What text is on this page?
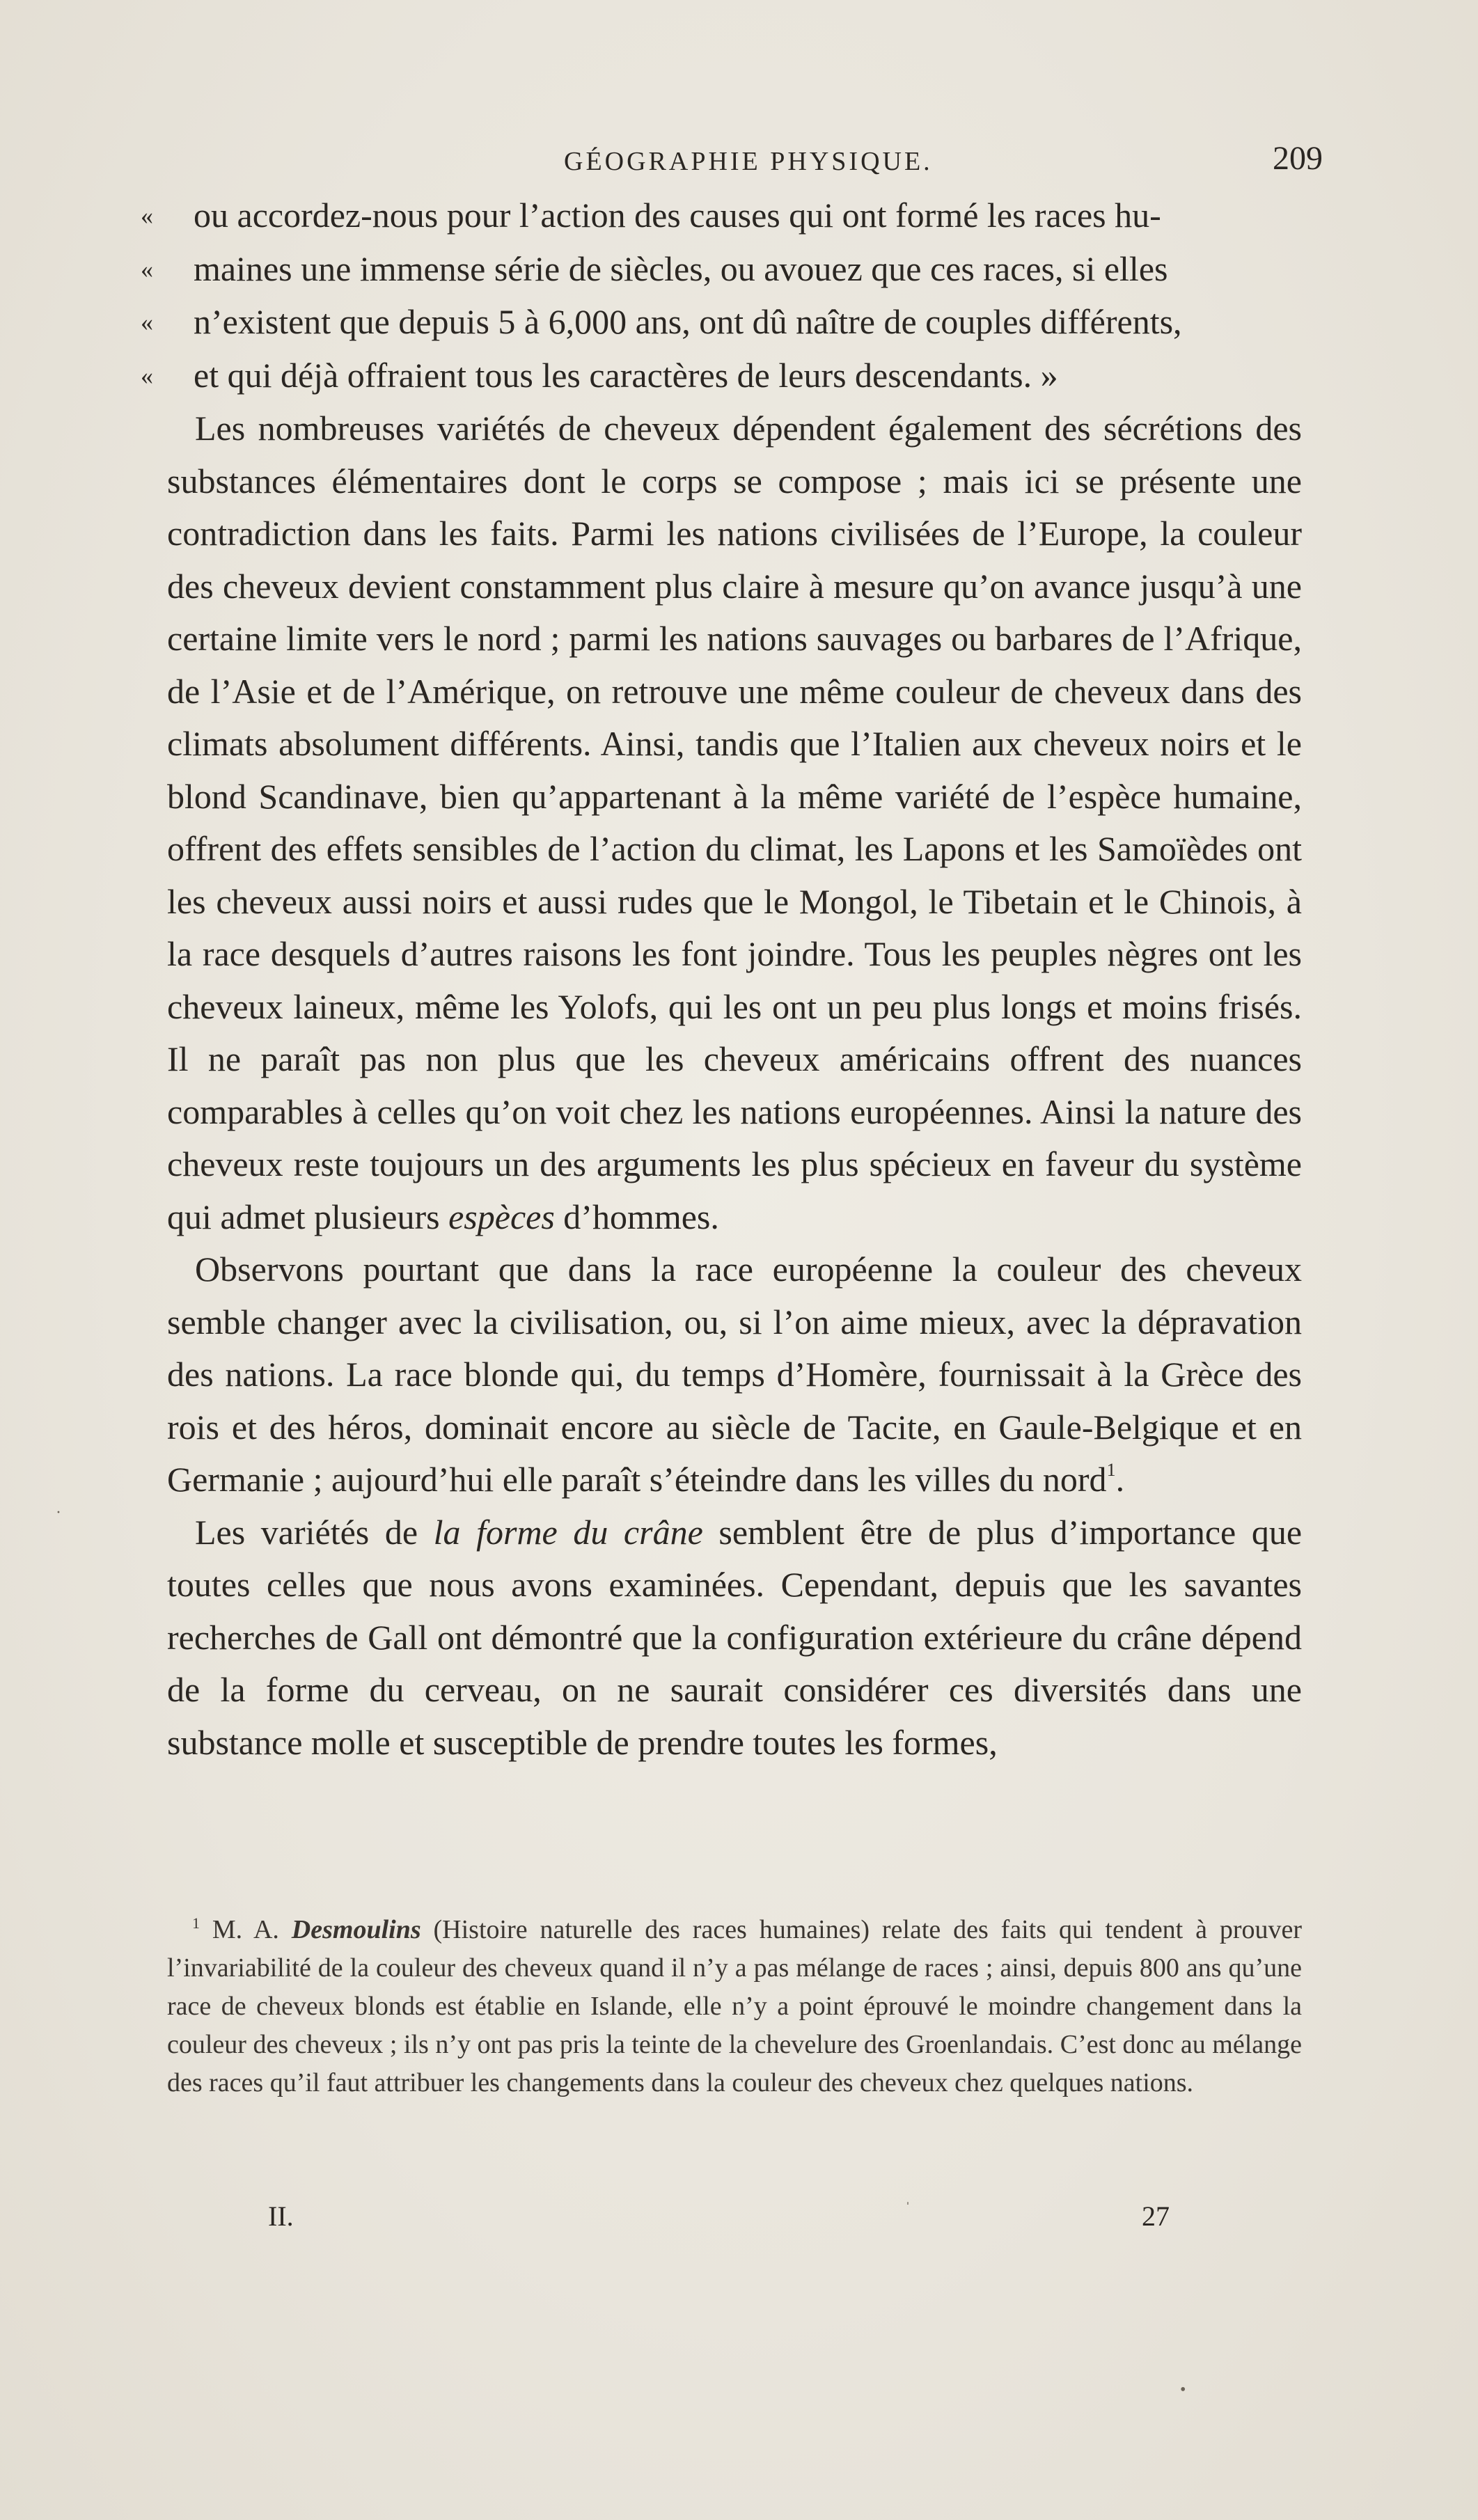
GÉOGRAPHIE PHYSIQUE.	209

« ou accordez-nous pour l’action des causes qui ont formé les races hu-

« maines une immense série de siècles, ou avouez que ces races, si elles

« n’existent que depuis 5 à 6,000 ans, ont dû naître de couples différents,

« et qui déjà offraient tous les caractères de leurs descendants. »

Les nombreuses variétés de cheveux dépendent également des sécrétions des substances élémentaires dont le corps se compose ; mais ici se présente une contradiction dans les faits. Parmi les nations civilisées de l’Europe, la couleur des cheveux devient constamment plus claire à mesure qu’on avance jusqu’à une certaine limite vers le nord ; parmi les nations sauvages ou barbares de l’Afrique, de l’Asie et de l’Amérique, on retrouve une même couleur de cheveux dans des climats absolument différents. Ainsi, tandis que l’Italien aux cheveux noirs et le blond Scandinave, bien qu’appartenant à la même variété de l’espèce humaine, offrent des effets sensibles de l’action du climat, les Lapons et les Samoïèdes ont les cheveux aussi noirs et aussi rudes que le Mongol, le Tibetain et le Chinois, à la race desquels d’autres raisons les font joindre. Tous les peuples nègres ont les cheveux laineux, même les Yolofs, qui les ont un peu plus longs et moins frisés. Il ne paraît pas non plus que les cheveux américains offrent des nuances comparables à celles qu’on voit chez les nations européennes. Ainsi la nature des cheveux reste toujours un des arguments les plus spécieux en faveur du système qui admet plusieurs espèces d’hommes.

Observons pourtant que dans la race européenne la couleur des cheveux semble changer avec la civilisation, ou, si l’on aime mieux, avec la dépravation des nations. La race blonde qui, du temps d’Homère, fournissait à la Grèce des rois et des héros, dominait encore au siècle de Tacite, en Gaule-Belgique et en Germanie ; aujourd’hui elle paraît s’éteindre dans les villes du nord$^1$.

Les variétés de la forme du crâne semblent être de plus d’importance que toutes celles que nous avons examinées. Cependant, depuis que les savantes recherches de Gall ont démontré que la configuration extérieure du crâne dépend de la forme du cerveau, on ne saurait considérer ces diversités dans une substance molle et susceptible de prendre toutes les formes,

$^1$ M. A. Desmoulins (Histoire naturelle des races humaines) relate des faits qui tendent à prouver l’invariabilité de la couleur des cheveux quand il n’y a pas mélange de races ; ainsi, depuis 800 ans qu’une race de cheveux blonds est établie en Islande, elle n’y a point éprouvé le moindre changement dans la couleur des cheveux ; ils n’y ont pas pris la teinte de la chevelure des Groenlandais. C’est donc au mélange des races qu’il faut attribuer les changements dans la couleur des cheveux chez quelques nations.
II.	27
ˈ
•
·
